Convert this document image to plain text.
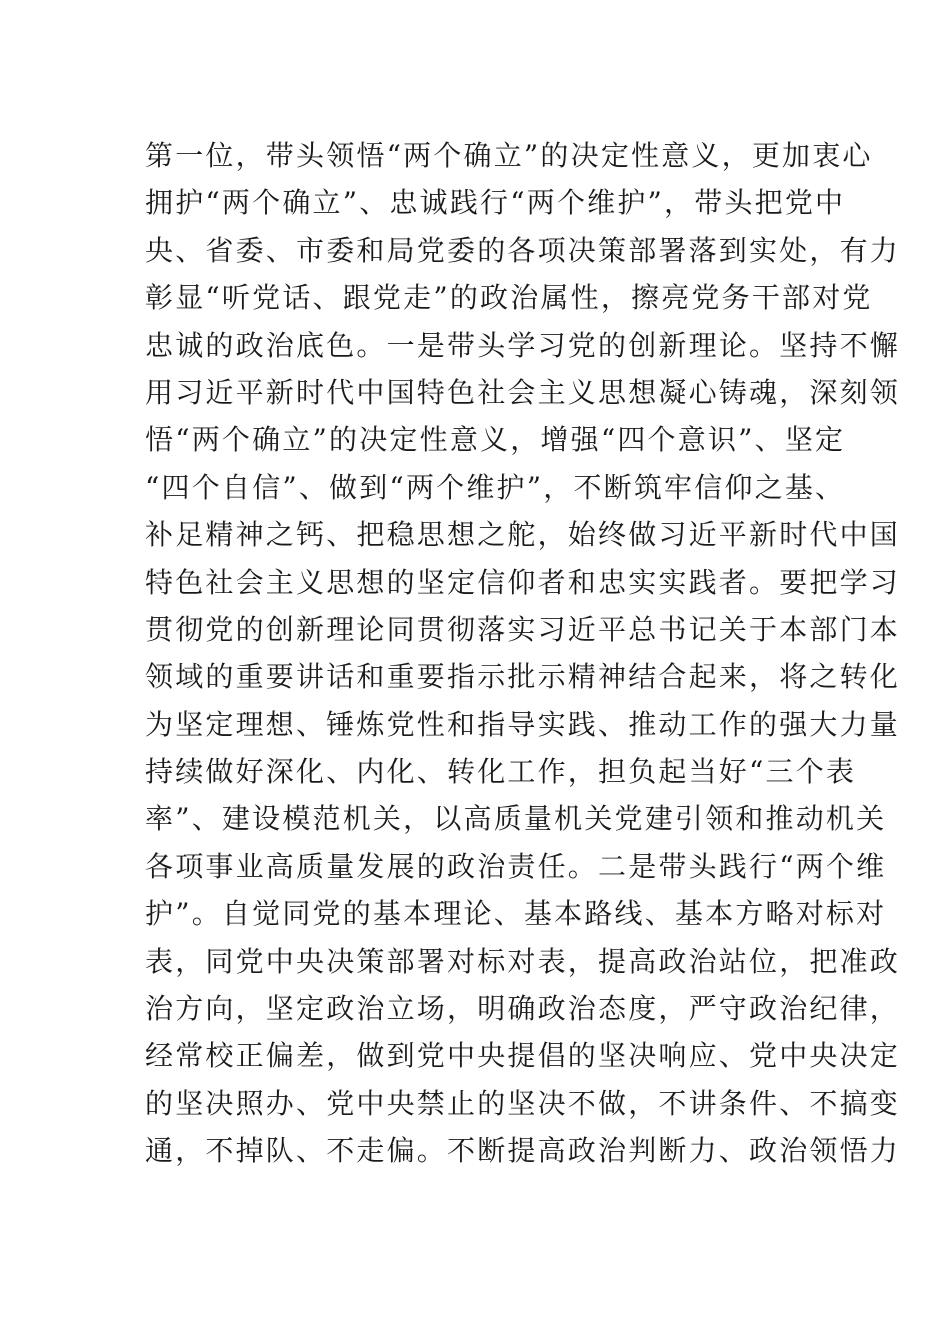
第一位，带头领悟“两个确立”的决定性意义，更加衷心
拥护“两个确立”、忠诚践行“两个维护”，带头把党中
央、省委、市委和局党委的各项决策部署落到实处，有力
彰显“听党话、跟党走”的政治属性，擦亮党务干部对党
忠诚的政治底色。一是带头学习党的创新理论。坚持不懈
用习近平新时代中国特色社会主义思想凝心铸魂，深刻领
悟“两个确立”的决定性意义，增强“四个意识”、坚定
“四个自信”、做到“两个维护”，不断筑牢信仰之基、
补足精神之钙、把稳思想之舵，始终做习近平新时代中国
特色社会主义思想的坚定信仰者和忠实实践者。要把学习
贯彻党的创新理论同贯彻落实习近平总书记关于本部门本
领域的重要讲话和重要指示批示精神结合起来，将之转化
为坚定理想、锤炼党性和指导实践、推动工作的强大力量
持续做好深化、内化、转化工作，担负起当好“三个表
率”、建设模范机关，以高质量机关党建引领和推动机关
各项事业高质量发展的政治责任。二是带头践行“两个维
护”。自觉同党的基本理论、基本路线、基本方略对标对
表，同党中央决策部署对标对表，提高政治站位，把准政
治方向，坚定政治立场，明确政治态度，严守政治纪律，
经常校正偏差，做到党中央提倡的坚决响应、党中央决定
的坚决照办、党中央禁止的坚决不做，不讲条件、不搞变
通，不掉队、不走偏。不断提高政治判断力、政治领悟力
